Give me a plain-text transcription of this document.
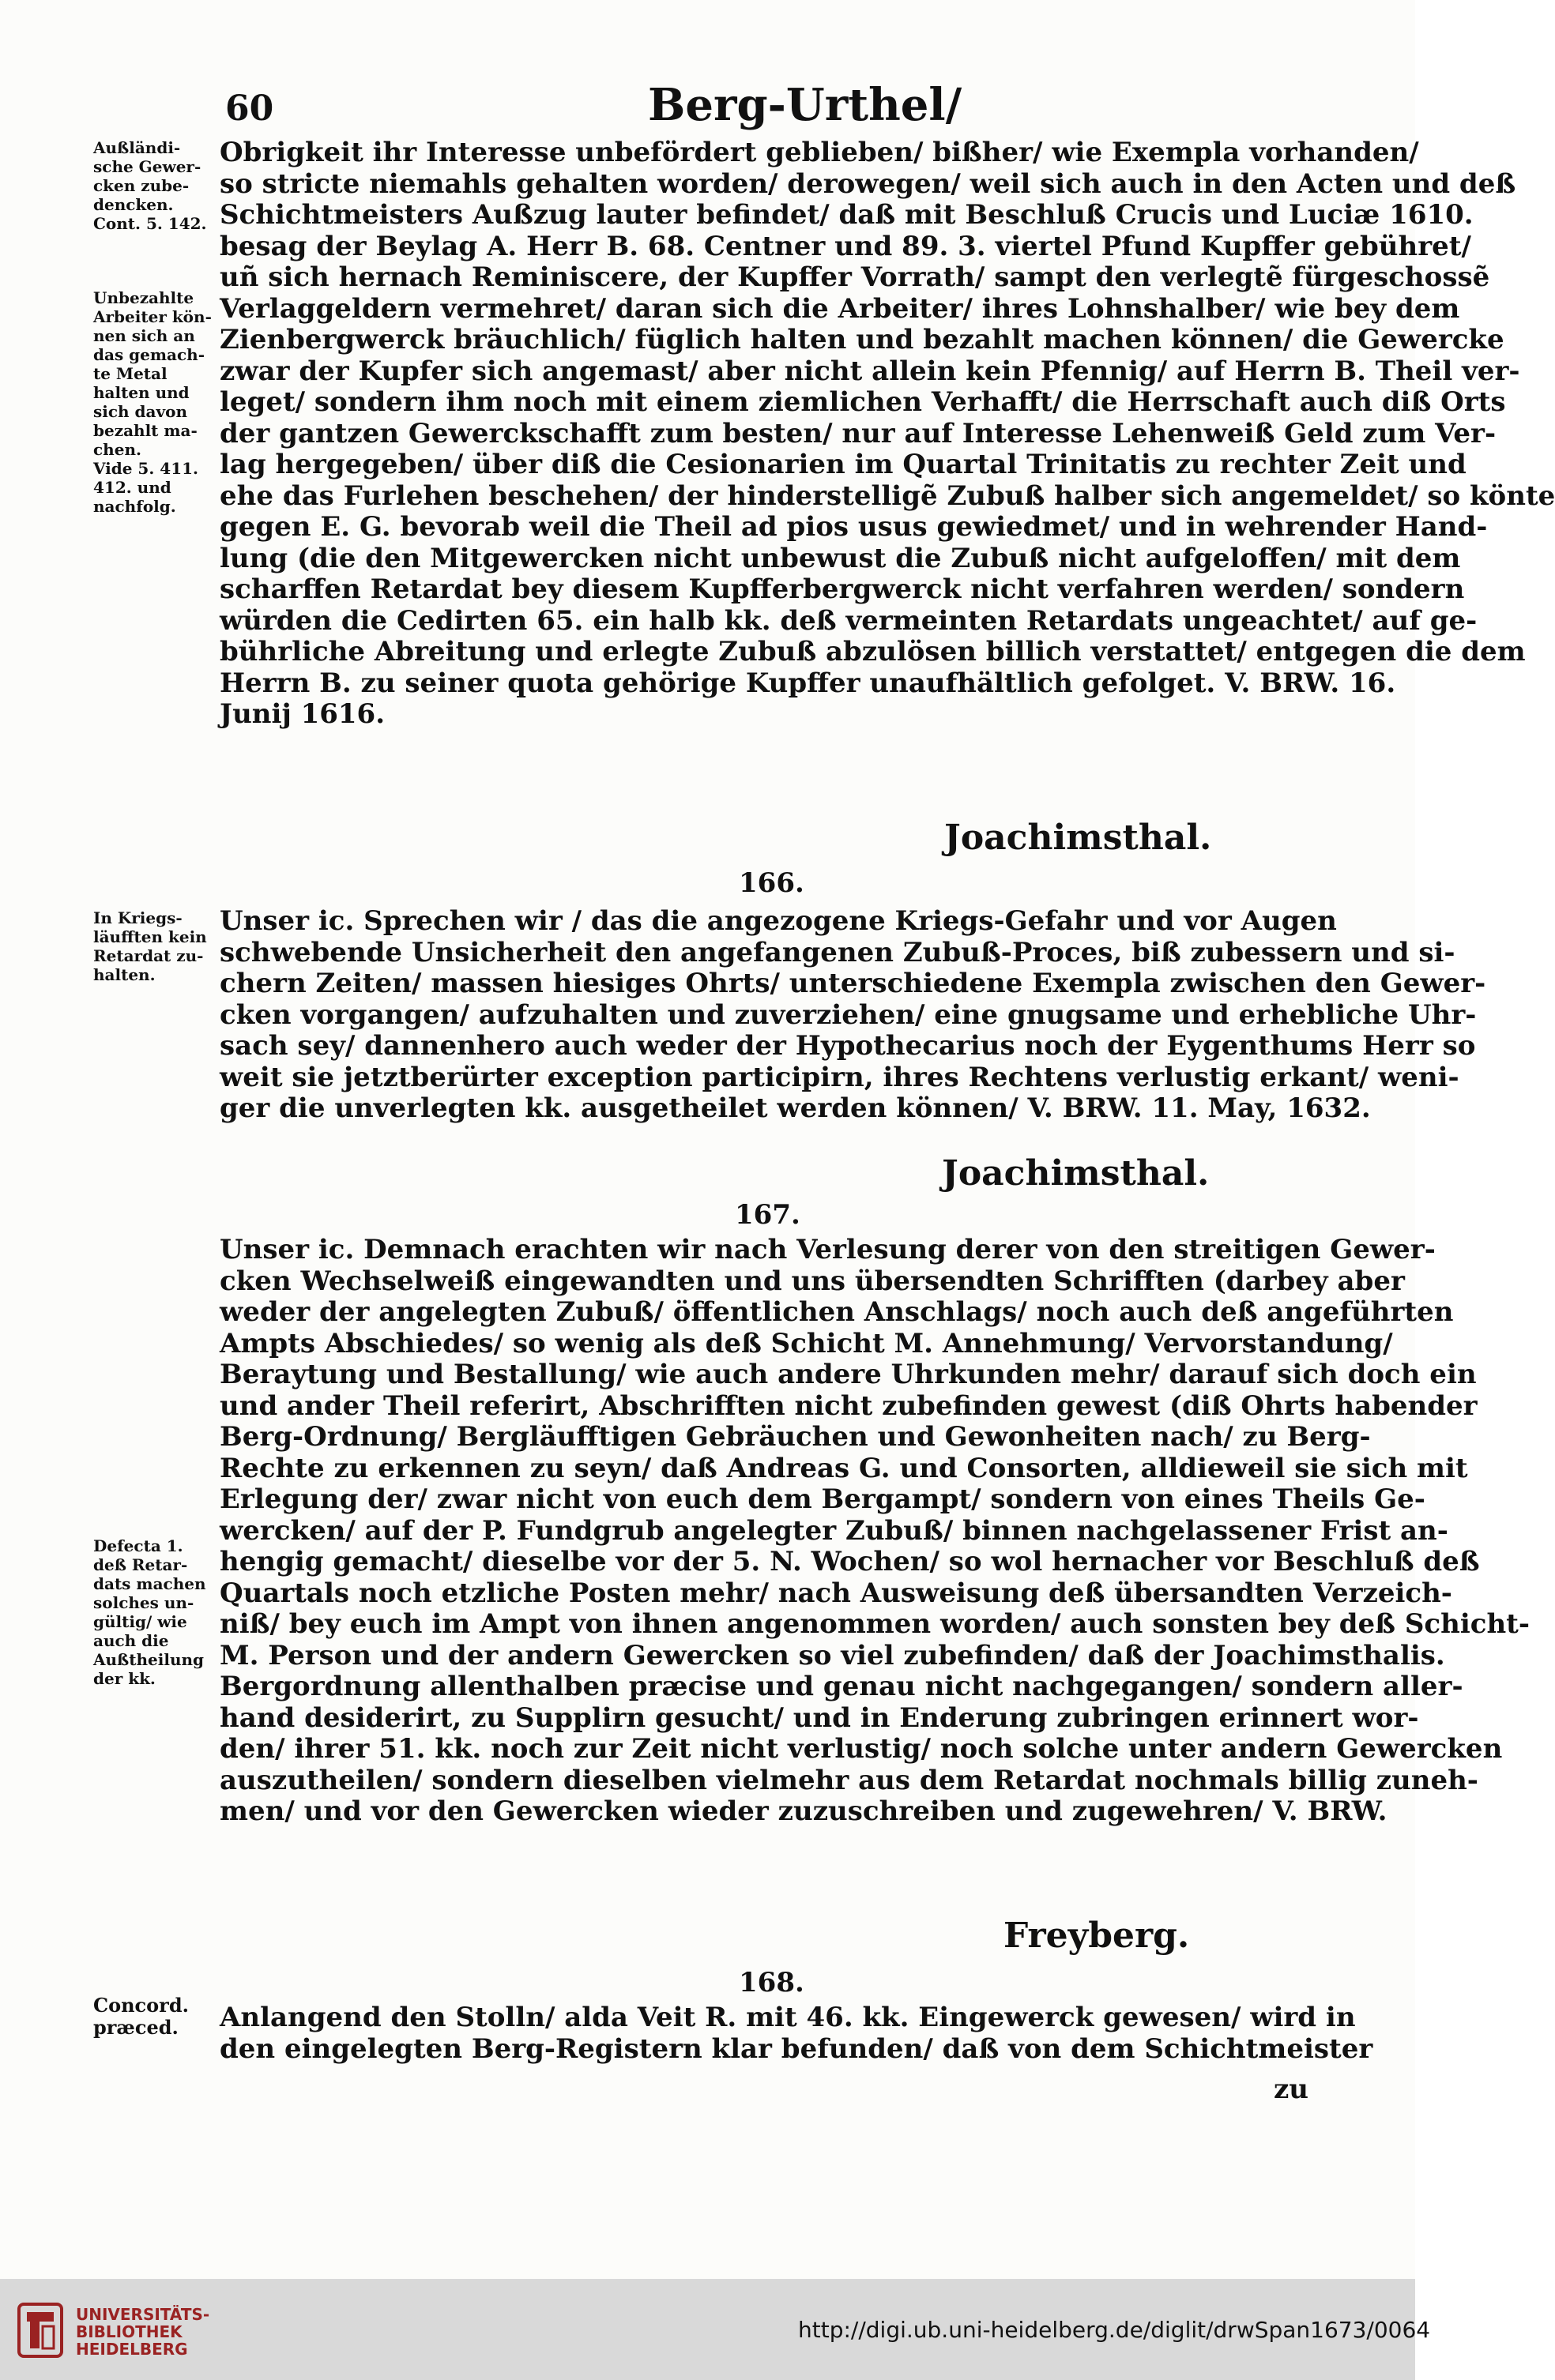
60	Berg-Urthel/
Außländi-
sche Gewer-
cken zube-
dencken.
Cont. 5. 142.
Unbezahlte
Arbeiter kön-
nen sich an
das gemach-
te Metal
halten und
sich davon
bezahlt ma-
chen.
Vide 5. 411.
412. und
nachfolg.
In Kriegs-
läufften kein
Retardat zu-
halten.
Defecta 1.
deß Retar-
dats machen
solches un-
gültig/ wie
auch die
Außtheilung
der kk.
Concord.
præced.
Obrigkeit ihr Interesse unbefördert geblieben/ bißher/ wie Exempla vorhanden/
so stricte niemahls gehalten worden/ derowegen/ weil sich auch in den Acten und deß
Schichtmeisters Außzug lauter befindet/ daß mit Beschluß Crucis und Luciæ 1610.
besag der Beylag A. Herr B. 68. Centner und 89. 3. viertel Pfund Kupffer gebühret/
uñ sich hernach Reminiscere, der Kupffer Vorrath/ sampt den verlegtẽ fürgeschossẽ
Verlaggeldern vermehret/ daran sich die Arbeiter/ ihres Lohnshalber/ wie bey dem
Zienbergwerck bräuchlich/ füglich halten und bezahlt machen können/ die Gewercke
zwar der Kupfer sich angemast/ aber nicht allein kein Pfennig/ auf Herrn B. Theil ver-
leget/ sondern ihm noch mit einem ziemlichen Verhafft/ die Herrschaft auch diß Orts
der gantzen Gewerckschafft zum besten/ nur auf Interesse Lehenweiß Geld zum Ver-
lag hergegeben/ über diß die Cesionarien im Quartal Trinitatis zu rechter Zeit und
ehe das Furlehen beschehen/ der hinderstelligẽ Zubuß halber sich angemeldet/ so könte
gegen E. G. bevorab weil die Theil ad pios usus gewiedmet/ und in wehrender Hand-
lung (die den Mitgewercken nicht unbewust die Zubuß nicht aufgeloffen/ mit dem
scharffen Retardat bey diesem Kupfferbergwerck nicht verfahren werden/ sondern
würden die Cedirten 65. ein halb kk. deß vermeinten Retardats ungeachtet/ auf ge-
bührliche Abreitung und erlegte Zubuß abzulösen billich verstattet/ entgegen die dem
Herrn B. zu seiner quota gehörige Kupffer unaufhältlich gefolget. V. BRW. 16.
Junij 1616.
Joachimsthal.
166.
Unser ic. Sprechen wir / das die angezogene Kriegs-Gefahr und vor Augen
schwebende Unsicherheit den angefangenen Zubuß-Proces, biß zubessern und si-
chern Zeiten/ massen hiesiges Ohrts/ unterschiedene Exempla zwischen den Gewer-
cken vorgangen/ aufzuhalten und zuverziehen/ eine gnugsame und erhebliche Uhr-
sach sey/ dannenhero auch weder der Hypothecarius noch der Eygenthums Herr so
weit sie jetztberürter exception participirn, ihres Rechtens verlustig erkant/ weni-
ger die unverlegten kk. ausgetheilet werden können/ V. BRW. 11. May, 1632.
Joachimsthal.
167.
Unser ic. Demnach erachten wir nach Verlesung derer von den streitigen Gewer-
cken Wechselweiß eingewandten und uns übersendten Schrifften (darbey aber
weder der angelegten Zubuß/ öffentlichen Anschlags/ noch auch deß angeführten
Ampts Abschiedes/ so wenig als deß Schicht M. Annehmung/ Vervorstandung/
Beraytung und Bestallung/ wie auch andere Uhrkunden mehr/ darauf sich doch ein
und ander Theil referirt, Abschrifften nicht zubefinden gewest (diß Ohrts habender
Berg-Ordnung/ Bergläufftigen Gebräuchen und Gewonheiten nach/ zu Berg-
Rechte zu erkennen zu seyn/ daß Andreas G. und Consorten, alldieweil sie sich mit
Erlegung der/ zwar nicht von euch dem Bergampt/ sondern von eines Theils Ge-
wercken/ auf der P. Fundgrub angelegter Zubuß/ binnen nachgelassener Frist an-
hengig gemacht/ dieselbe vor der 5. N. Wochen/ so wol hernacher vor Beschluß deß
Quartals noch etzliche Posten mehr/ nach Ausweisung deß übersandten Verzeich-
niß/ bey euch im Ampt von ihnen angenommen worden/ auch sonsten bey deß Schicht-
M. Person und der andern Gewercken so viel zubefinden/ daß der Joachimsthalis.
Bergordnung allenthalben præcise und genau nicht nachgegangen/ sondern aller-
hand desiderirt, zu Supplirn gesucht/ und in Enderung zubringen erinnert wor-
den/ ihrer 51. kk. noch zur Zeit nicht verlustig/ noch solche unter andern Gewercken
auszutheilen/ sondern dieselben vielmehr aus dem Retardat nochmals billig zuneh-
men/ und vor den Gewercken wieder zuzuschreiben und zugewehren/ V. BRW.
Freyberg.
168.
Anlangend den Stolln/ alda Veit R. mit 46. kk. Eingewerck gewesen/ wird in
den eingelegten Berg-Registern klar befunden/ daß von dem Schichtmeister
zu
UNIVERSITÄTS-
BIBLIOTHEK
HEIDELBERG
http://digi.ub.uni-heidelberg.de/diglit/drwSpan1673/0064
